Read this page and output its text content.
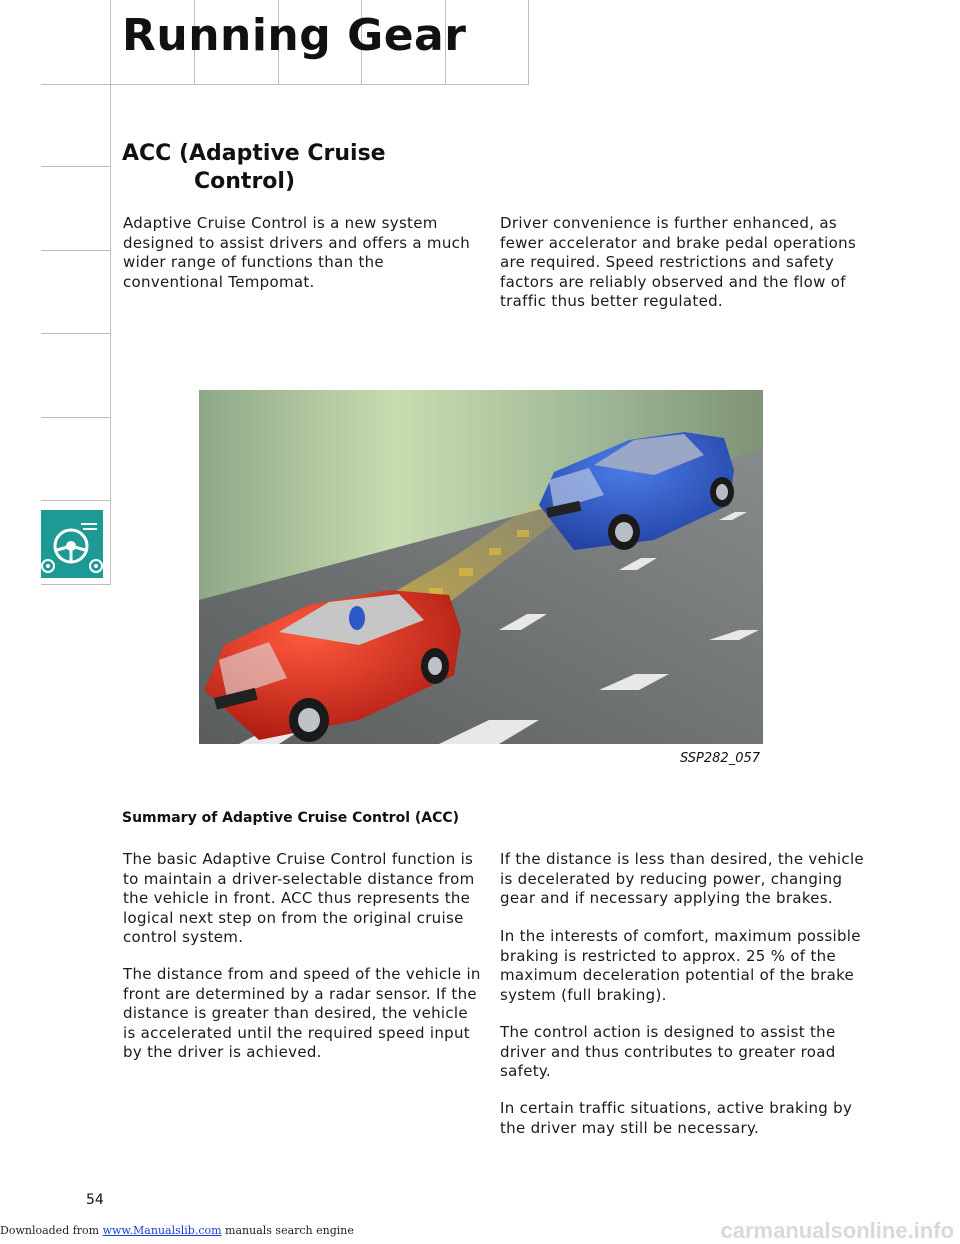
Running Gear
ACC (Adaptive Cruise
Control)

Adaptive Cruise Control is a new system designed to assist drivers and offers a much wider range of functions than the conventional Tempomat.

Driver convenience is further enhanced, as fewer accelerator and brake pedal operations are required. Speed restrictions and safety factors are reliably observed and the flow of traffic thus better regulated.

SSP282_057

Summary of Adaptive Cruise Control (ACC)

The basic Adaptive Cruise Control function is to maintain a driver-selectable distance from the vehicle in front. ACC thus represents the logical next step on from the original cruise control system.

The distance from and speed of the vehicle in front are determined by a radar sensor. If the distance is greater than desired, the vehicle is accelerated until the required speed input by the driver is achieved.

If the distance is less than desired, the vehicle is decelerated by reducing power, changing gear and if necessary applying the brakes.

In the interests of comfort, maximum possible braking is restricted to approx. 25 % of the maximum deceleration potential of the brake system (full braking).

The control action is designed to assist the driver and thus contributes to greater road safety.

In certain traffic situations, active braking by the driver may still be necessary.

54
Downloaded from www.Manualslib.com manuals search engine	carmanualsonline.info
